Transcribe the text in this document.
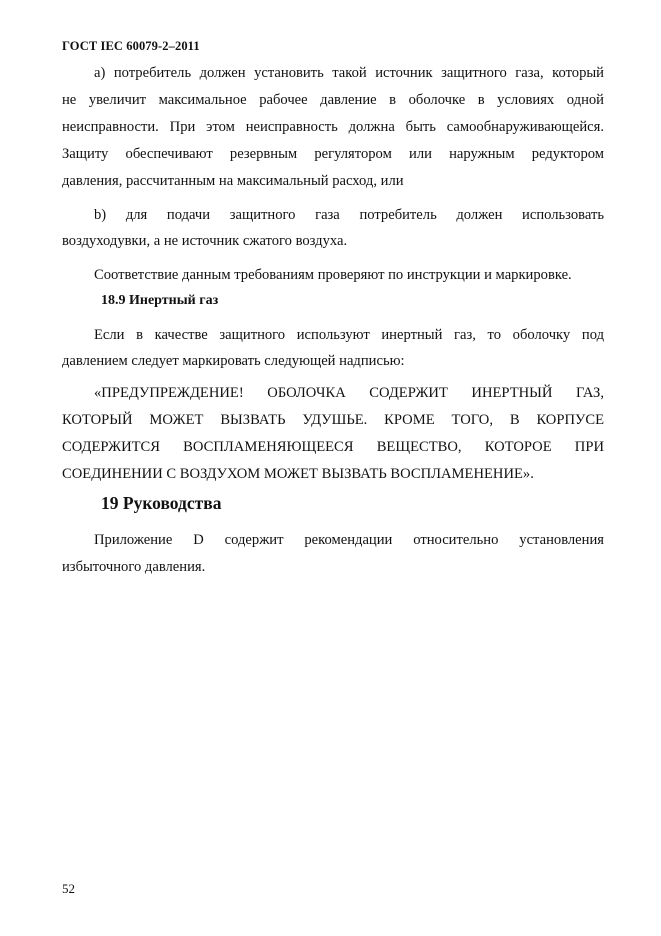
ГОСТ IEC 60079-2–2011
а) потребитель должен установить такой источник защитного газа, который
не увеличит максимальное рабочее давление в оболочке в условиях одной
неисправности. При этом неисправность должна быть самообнаруживающейся.
Защиту обеспечивают резервным регулятором или наружным редуктором
давления, рассчитанным на максимальный расход, или
b) для подачи защитного газа потребитель должен использовать
воздуходувки, а не источник сжатого воздуха.
Соответствие данным требованиям проверяют по инструкции и маркировке.
18.9 Инертный газ
Если в качестве защитного используют инертный газ, то оболочку под
давлением следует маркировать следующей надписью:
«ПРЕДУПРЕЖДЕНИЕ! ОБОЛОЧКА СОДЕРЖИТ ИНЕРТНЫЙ ГАЗ,
КОТОРЫЙ МОЖЕТ ВЫЗВАТЬ УДУШЬЕ. КРОМЕ ТОГО, В КОРПУСЕ
СОДЕРЖИТСЯ ВОСПЛАМЕНЯЮЩЕЕСЯ ВЕЩЕСТВО, КОТОРОЕ ПРИ
СОЕДИНЕНИИ С ВОЗДУХОМ МОЖЕТ ВЫЗВАТЬ ВОСПЛАМЕНЕНИЕ».
19 Руководства
Приложение D содержит рекомендации относительно установления
избыточного давления.
52
